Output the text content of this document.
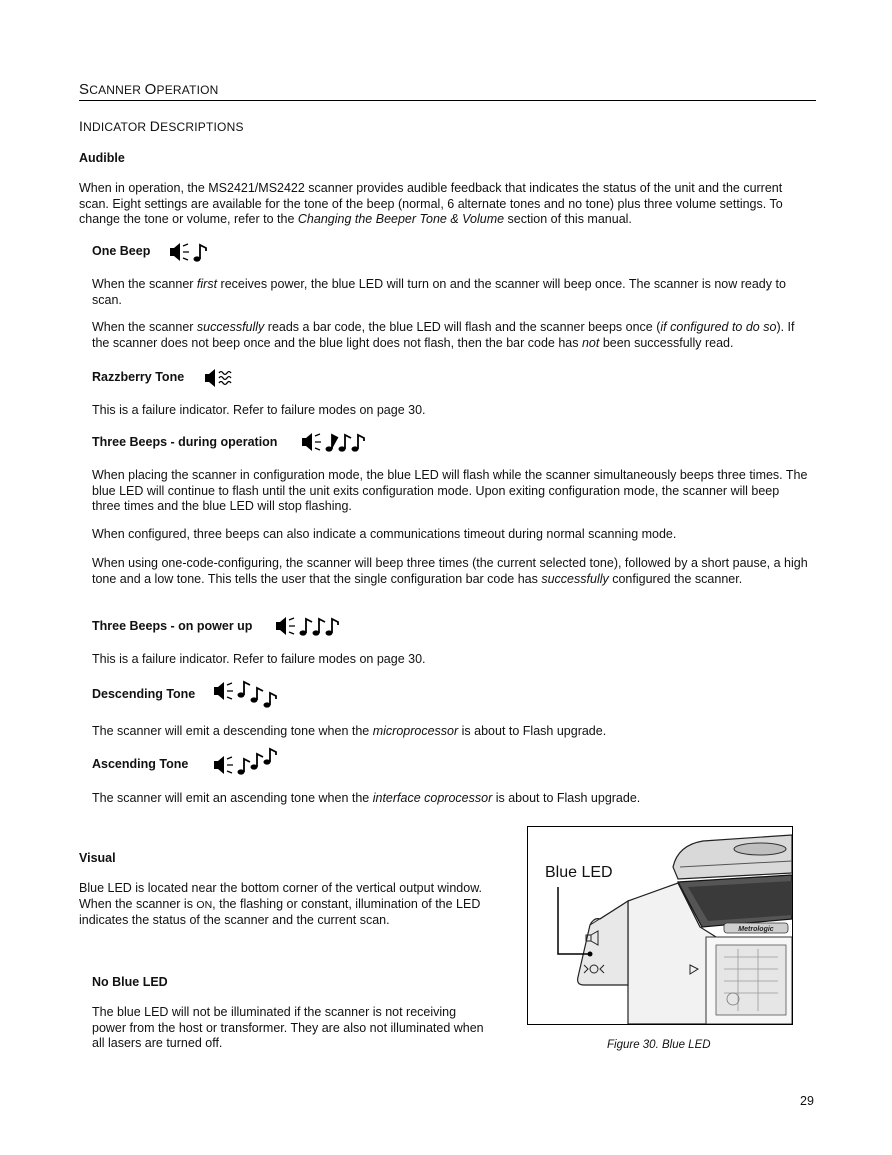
SCANNER OPERATION
INDICATOR DESCRIPTIONS
Audible
When in operation, the MS2421/MS2422 scanner provides audible feedback that indicates the status of the unit and the current scan. Eight settings are available for the tone of the beep (normal, 6 alternate tones and no tone) plus three volume settings. To change the tone or volume, refer to the Changing the Beeper Tone & Volume section of this manual.
One Beep
When the scanner first receives power, the blue LED will turn on and the scanner will beep once. The scanner is now ready to scan.
When the scanner successfully reads a bar code, the blue LED will flash and the scanner beeps once (if configured to do so). If the scanner does not beep once and the blue light does not flash, then the bar code has not been successfully read.
Razzberry Tone
This is a failure indicator. Refer to failure modes on page 30.
Three Beeps - during operation
When placing the scanner in configuration mode, the blue LED will flash while the scanner simultaneously beeps three times. The blue LED will continue to flash until the unit exits configuration mode. Upon exiting configuration mode, the scanner will beep three times and the blue LED will stop flashing.
When configured, three beeps can also indicate a communications timeout during normal scanning mode.
When using one-code-configuring, the scanner will beep three times (the current selected tone), followed by a short pause, a high tone and a low tone. This tells the user that the single configuration bar code has successfully configured the scanner.
Three Beeps - on power up
This is a failure indicator. Refer to failure modes on page 30.
Descending Tone
The scanner will emit a descending tone when the microprocessor is about to Flash upgrade.
Ascending Tone
The scanner will emit an ascending tone when the interface coprocessor is about to Flash upgrade.
Visual
Blue LED is located near the bottom corner of the vertical output window. When the scanner is ON, the flashing or constant, illumination of the LED indicates the status of the scanner and the current scan.
No Blue LED
The blue LED will not be illuminated if the scanner is not receiving power from the host or transformer. They are also not illuminated when all lasers are turned off.
Metrologic
Blue LED
Figure 30. Blue LED
29
